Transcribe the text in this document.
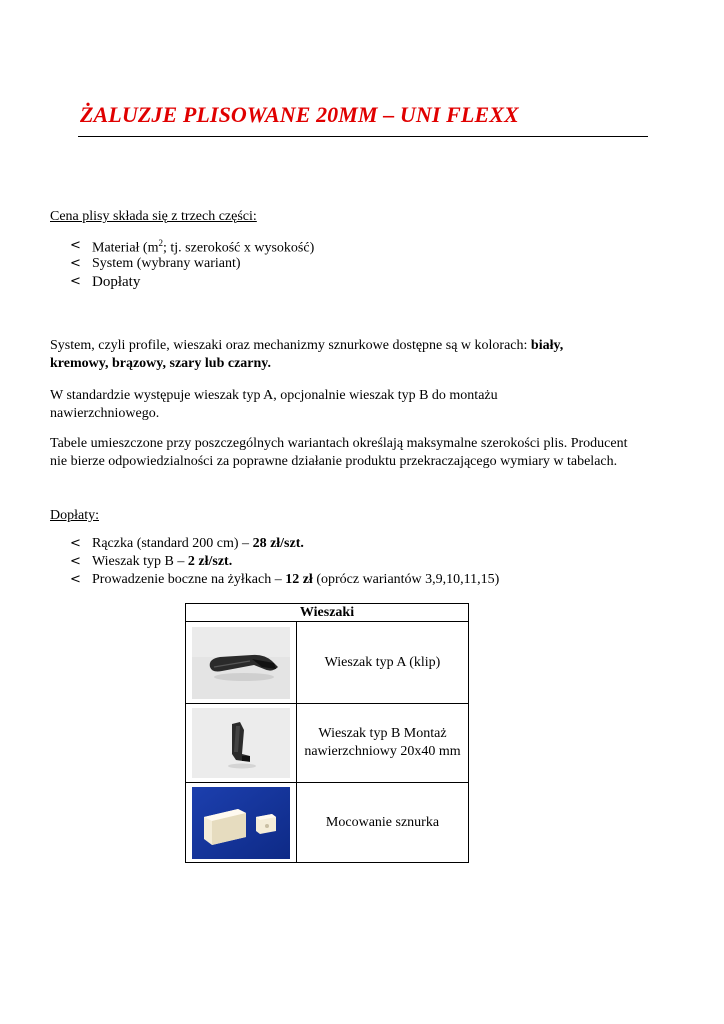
ŻALUZJE PLISOWANE 20MM – UNI FLEXX
Cena plisy składa się z trzech części:
< Materiał ($m^2$; tj. szerokość x wysokość)
< System (wybrany wariant)
< Dopłaty
System, czyli profile, wieszaki oraz mechanizmy sznurkowe dostępne są w kolorach: biały, kremowy, brązowy, szary lub czarny.
W standardzie występuje wieszak typ A, opcjonalnie wieszak typ B do montażu nawierzchniowego.
Tabele umieszczone przy poszczególnych wariantach określają maksymalne szerokości plis. Producent nie bierze odpowiedzialności za poprawne działanie produktu przekraczającego wymiary w tabelach.
Dopłaty:
< Rączka (standard 200 cm) – 28 zł/szt.
< Wieszak typ B – 2 zł/szt.
< Prowadzenie boczne na żyłkach – 12 zł (oprócz wariantów 3,9,10,11,15)
Wieszaki	

	Wieszak typ A (klip)

	Wieszak typ B Montaż nawierzchniowy 20x40 mm

	Mocowanie sznurka
